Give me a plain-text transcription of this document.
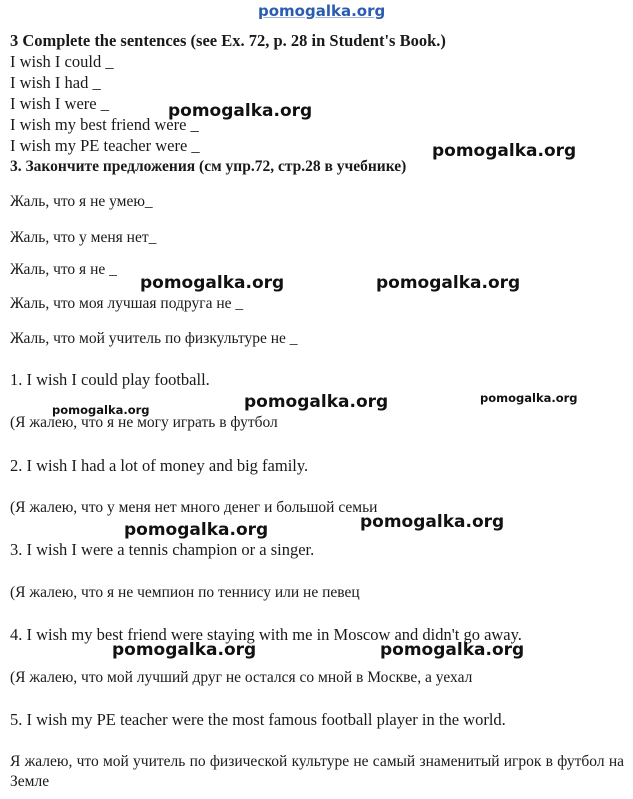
pomogalka.org
3 Complete the sentences (see Ex. 72, p. 28 in Student's Book.)
I wish I could _
I wish I had _
I wish I were _
I wish my best friend were _
I wish my PE teacher were _
3. Закончите предложения (см упр.72, стр.28 в учебнике)
Жаль, что я не умею_
Жаль, что у меня нет_
Жаль, что я не _
Жаль, что моя лучшая подруга не _
Жаль, что мой учитель по физкультуре не _
1. I wish I could play football.
(Я жалею, что я не могу играть в футбол
2. I wish I had a lot of money and big family.
(Я жалею, что у меня нет много денег и большой семьи
3. I wish I were a tennis champion or a singer.
(Я жалею, что я не чемпион по теннису или не певец
4. I wish my best friend were staying with me in Moscow and didn't go away.
(Я жалею, что мой лучший друг не остался со мной в Москве, а уехал
5. I wish my PE teacher were the most famous football player in the world.
Я жалею, что мой учитель по физической культуре не самый знаменитый игрок в футбол на Земле
pomogalka.org
pomogalka.org
pomogalka.org	pomogalka.org
pomogalka.org	pomogalka.org	pomogalka.org
pomogalka.org	pomogalka.org
pomogalka.org	pomogalka.org
